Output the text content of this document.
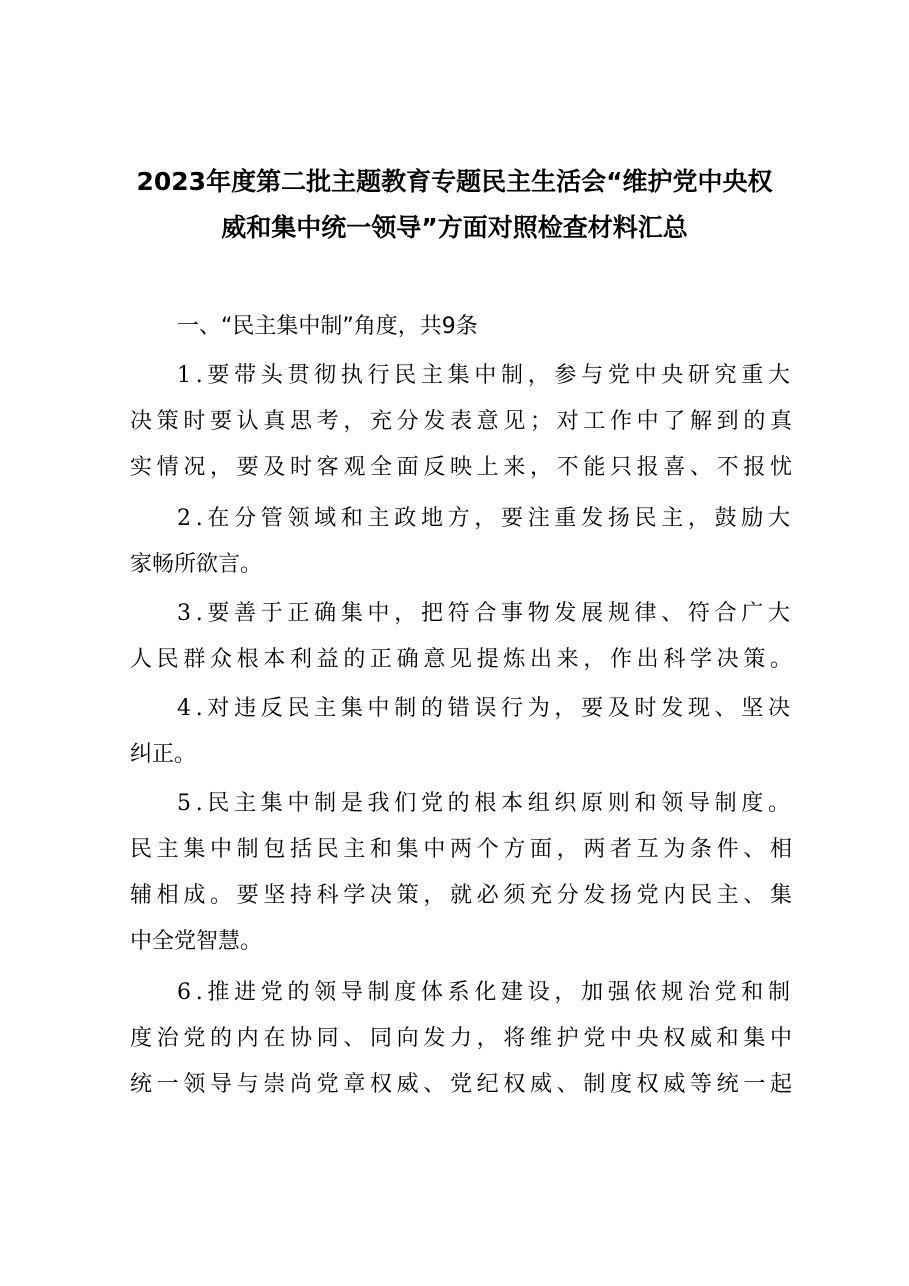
2023年度第二批主题教育专题民主生活会“维护党中央权
威和集中统一领导”方面对照检查材料汇总
一、“民主集中制”角度，共9条
1.要带头贯彻执行民主集中制，参与党中央研究重大
决策时要认真思考，充分发表意见；对工作中了解到的真
实情况，要及时客观全面反映上来，不能只报喜、不报忧
2.在分管领域和主政地方，要注重发扬民主，鼓励大
家畅所欲言。
3.要善于正确集中，把符合事物发展规律、符合广大
人民群众根本利益的正确意见提炼出来，作出科学决策。
4.对违反民主集中制的错误行为，要及时发现、坚决
纠正。
5.民主集中制是我们党的根本组织原则和领导制度。
民主集中制包括民主和集中两个方面，两者互为条件、相
辅相成。要坚持科学决策，就必须充分发扬党内民主、集
中全党智慧。
6.推进党的领导制度体系化建设，加强依规治党和制
度治党的内在协同、同向发力，将维护党中央权威和集中
统一领导与崇尚党章权威、党纪权威、制度权威等统一起
